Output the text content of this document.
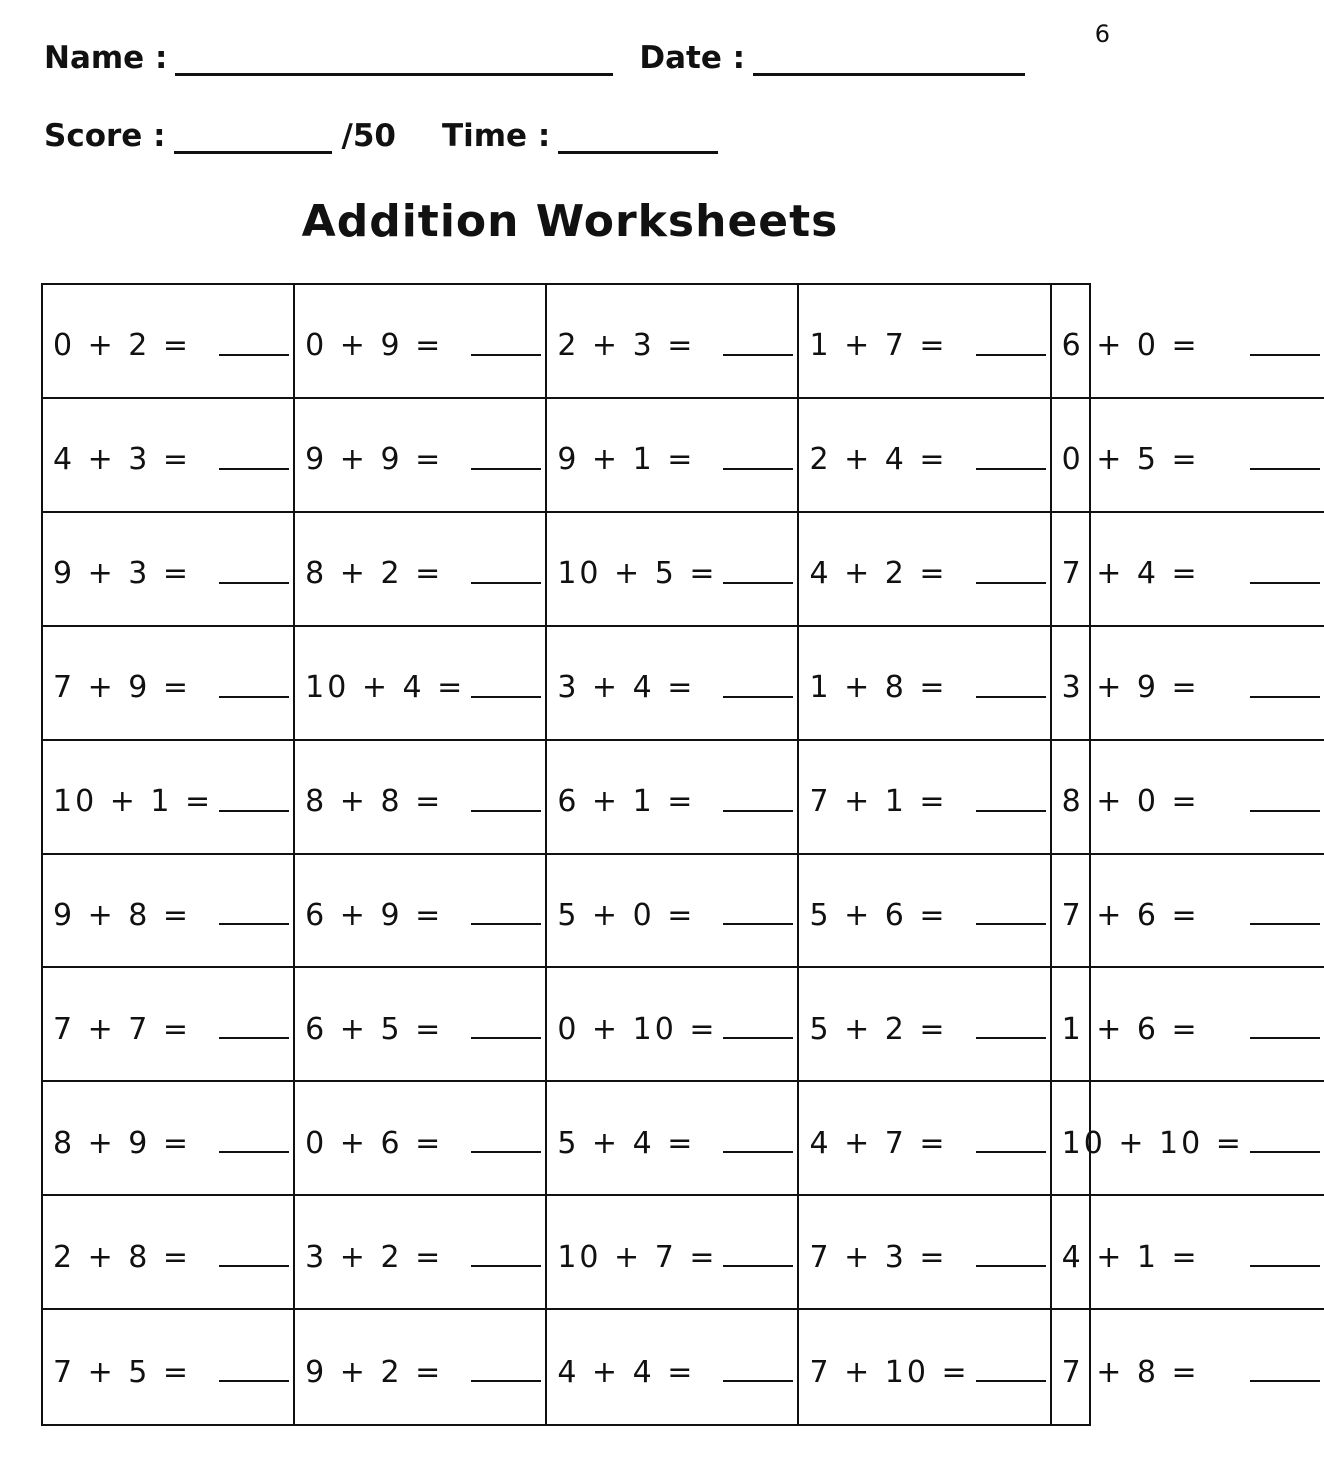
6
Name :	Date :
Score :	/50 Time :
Addition Worksheets
0 + 2 =	0 + 9 =	2 + 3 =	1 + 7 =	6 + 0 =
4 + 3 =	9 + 9 =	9 + 1 =	2 + 4 =	0 + 5 =
9 + 3 =	8 + 2 =	10 + 5 =	4 + 2 =	7 + 4 =
7 + 9 =	10 + 4 =	3 + 4 =	1 + 8 =	3 + 9 =
10 + 1 =	8 + 8 =	6 + 1 =	7 + 1 =	8 + 0 =
9 + 8 =	6 + 9 =	5 + 0 =	5 + 6 =	7 + 6 =
7 + 7 =	6 + 5 =	0 + 10 =	5 + 2 =	1 + 6 =
8 + 9 =	0 + 6 =	5 + 4 =	4 + 7 =	10 + 10 =
2 + 8 =	3 + 2 =	10 + 7 =	7 + 3 =	4 + 1 =
7 + 5 =	9 + 2 =	4 + 4 =	7 + 10 =	7 + 8 =
